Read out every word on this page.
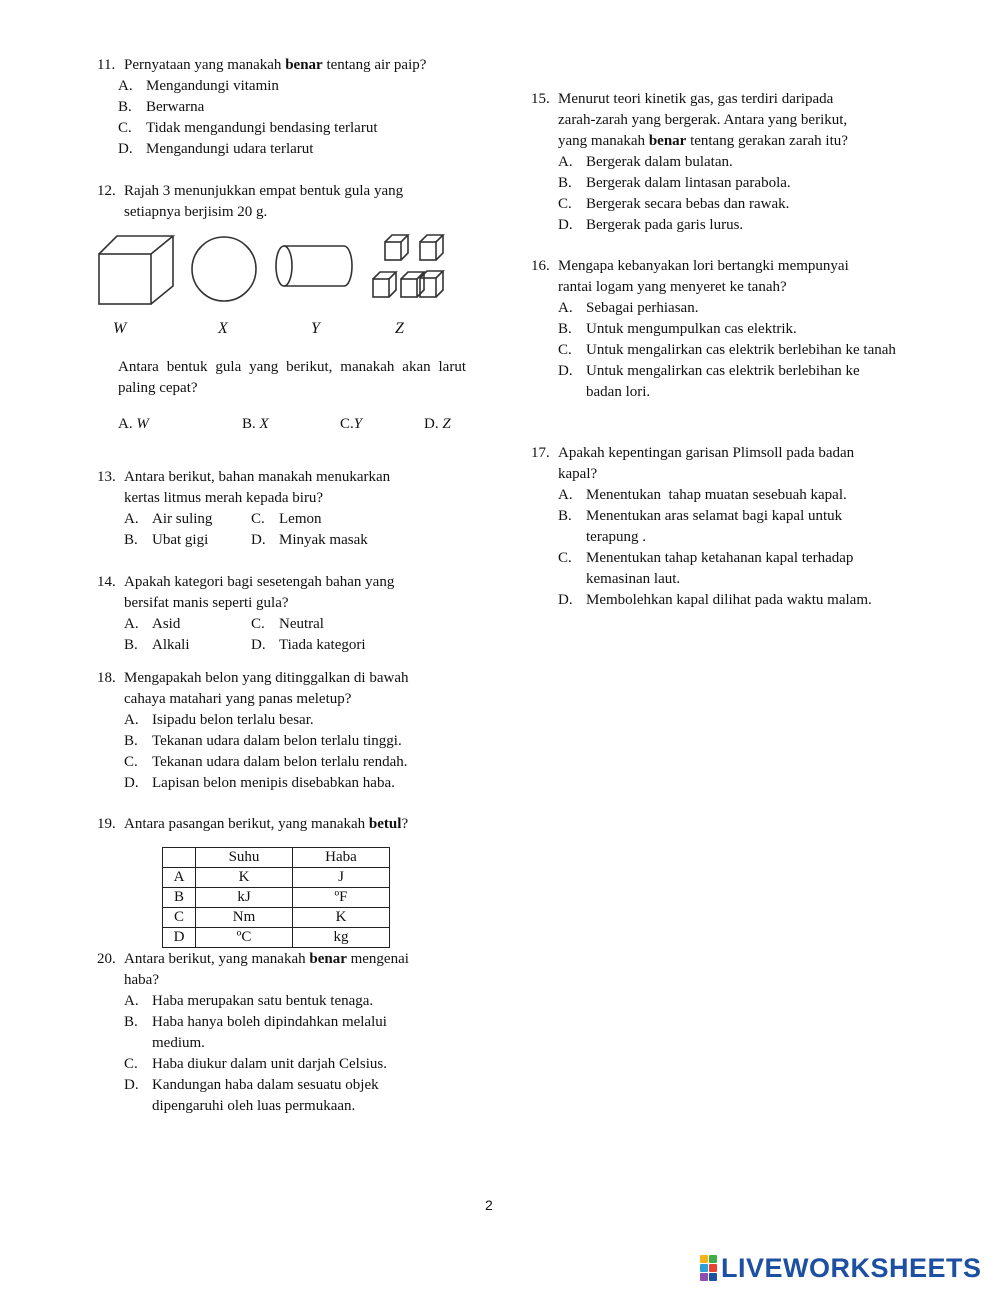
11. Pernyataan yang manakah benar tentang air paip?
A. Mengandungi vitamin
B. Berwarna
C. Tidak mengandungi bendasing terlarut
D. Mengandungi udara terlarut
12. Rajah 3 menunjukkan empat bentuk gula yang
setiapnya berjisim 20 g.
W	X	Y	Z
Antara bentuk gula yang berikut, manakah akan larut paling cepat?
A. W	B. X	C.Y	D. Z
13. Antara berikut, bahan manakah menukarkan
kertas litmus merah kepada biru?
A. Air suling	C. Lemon
B. Ubat gigi	D. Minyak masak
14. Apakah kategori bagi sesetengah bahan yang
bersifat manis seperti gula?
A. Asid	C. Neutral
B. Alkali	D. Tiada kategori
18. Mengapakah belon yang ditinggalkan di bawah
cahaya matahari yang panas meletup?
A. Isipadu belon terlalu besar.
B. Tekanan udara dalam belon terlalu tinggi.
C. Tekanan udara dalam belon terlalu rendah.
D. Lapisan belon menipis disebabkan haba.
19. Antara pasangan berikut, yang manakah betul?
	Suhu	Haba
A	K	J
B	kJ	ºF
C	Nm	K
D	ºC	kg
20. Antara berikut, yang manakah benar mengenai
haba?
A. Haba merupakan satu bentuk tenaga.
B. Haba hanya boleh dipindahkan melalui medium.
C. Haba diukur dalam unit darjah Celsius.
D. Kandungan haba dalam sesuatu objek dipengaruhi oleh luas permukaan.
15. Menurut teori kinetik gas, gas terdiri daripada
zarah-zarah yang bergerak. Antara yang berikut,
yang manakah benar tentang gerakan zarah itu?
A. Bergerak dalam bulatan.
B. Bergerak dalam lintasan parabola.
C. Bergerak secara bebas dan rawak.
D. Bergerak pada garis lurus.
16. Mengapa kebanyakan lori bertangki mempunyai
rantai logam yang menyeret ke tanah?
A. Sebagai perhiasan.
B. Untuk mengumpulkan cas elektrik.
C. Untuk mengalirkan cas elektrik berlebihan ke tanah
D. Untuk mengalirkan cas elektrik berlebihan ke badan lori.
17. Apakah kepentingan garisan Plimsoll pada badan
kapal?
A. Menentukan  tahap muatan sesebuah kapal.
B. Menentukan aras selamat bagi kapal untuk terapung .
C. Menentukan tahap ketahanan kapal terhadap kemasinan laut.
D. Membolehkan kapal dilihat pada waktu malam.
2
LIVEWORKSHEETS
